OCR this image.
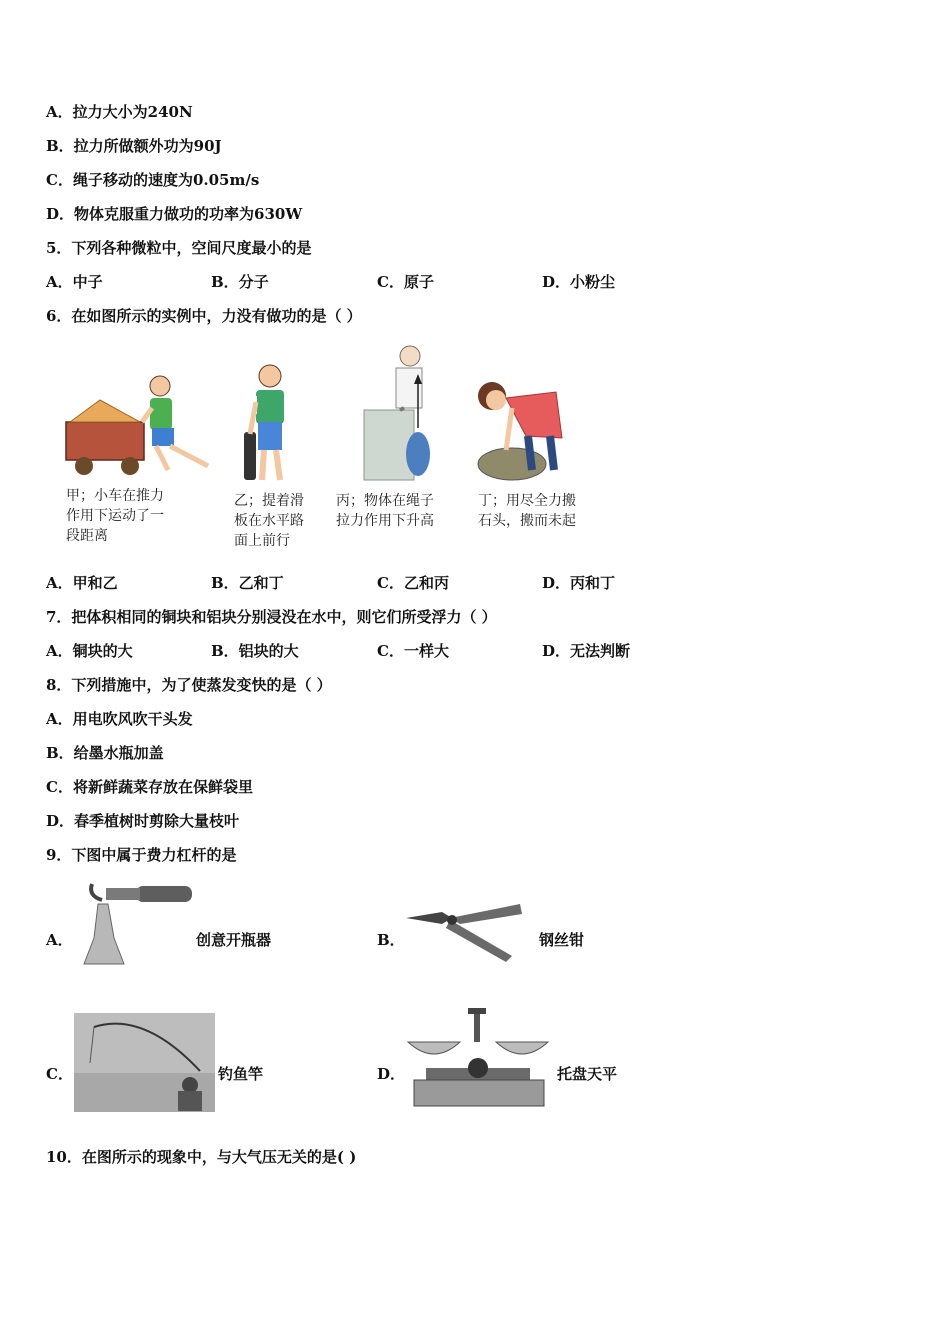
A．拉力大小为240N
B．拉力所做额外功为90J
C．绳子移动的速度为0.05m/s
D．物体克服重力做功的功率为630W
5．下列各种微粒中，空间尺度最小的是
A．中子	B．分子	C．原子	D．小粉尘
6．在如图所示的实例中，力没有做功的是（ ）
甲；小车在推力
作用下运动了一
段距离
乙；提着滑
板在水平路
面上前行
丙；物体在绳子
拉力作用下升高
丁；用尽全力搬
石头，搬而未起
A．甲和乙	B．乙和丁	C．乙和丙	D．丙和丁
7．把体积相同的铜块和铝块分别浸没在水中，则它们所受浮力（ ）
A．铜块的大	B．铝块的大	C．一样大	D．无法判断
8．下列措施中，为了使蒸发变快的是（ ）
A．用电吹风吹干头发
B．给墨水瓶加盖
C．将新鲜蔬菜存放在保鲜袋里
D．春季植树时剪除大量枝叶
9．下图中属于费力杠杆的是
A．	创意开瓶器	B．	钢丝钳
C．	钓鱼竿	D．	托盘天平
10．在图所示的现象中，与大气压无关的是( )
